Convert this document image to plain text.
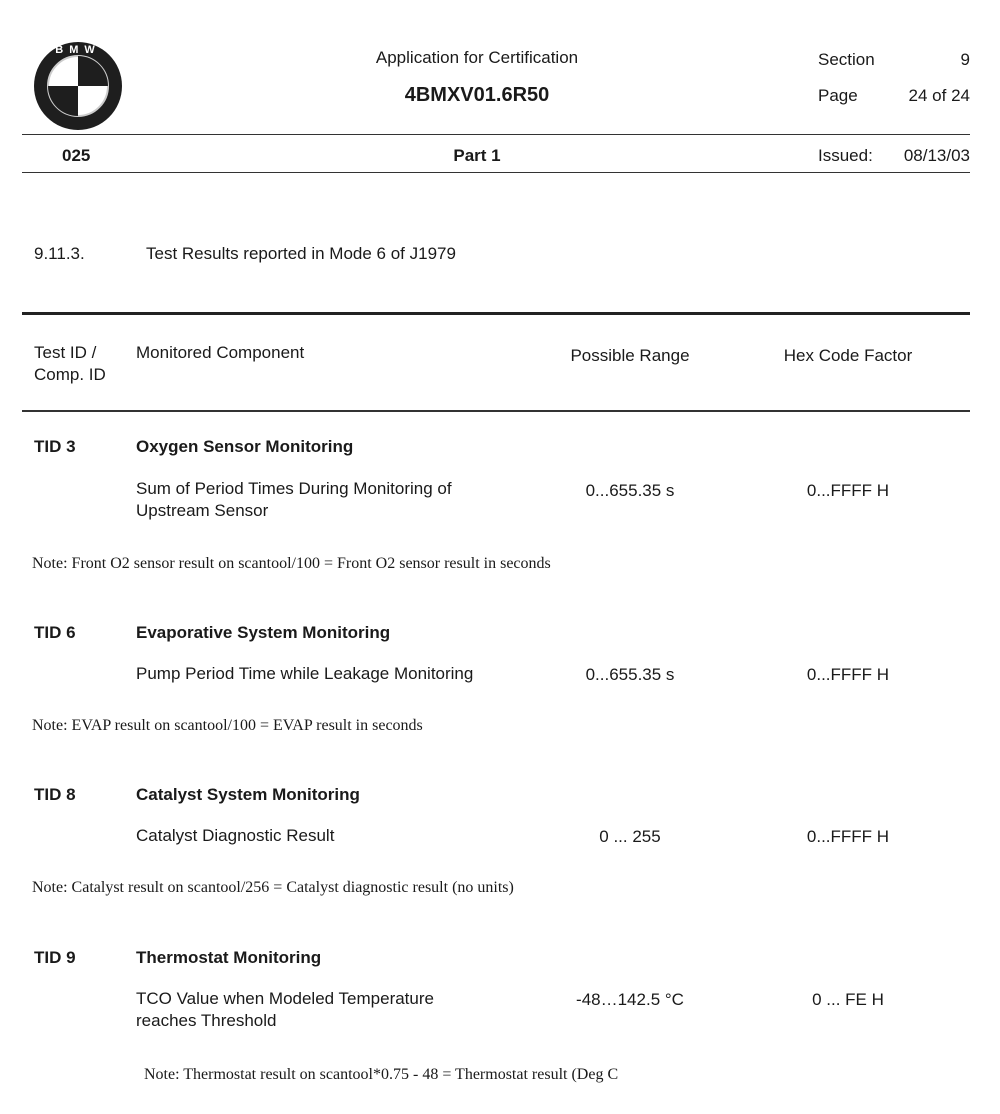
BMW	Application for Certification
4BMXV01.6R50
Section	9
Page	24 of 24
025	Part 1	Issued:	08/13/03
9.11.3.	Test Results reported in Mode 6 of J1979
Test ID /
Comp. ID
Monitored Component	Possible Range	Hex Code Factor
TID 3	Oxygen Sensor Monitoring
Sum of Period Times During Monitoring of
Upstream Sensor
0...655.35 s	0...FFFF H
Note: Front O2 sensor result on scantool/100 = Front O2 sensor result in seconds
TID 6	Evaporative System Monitoring
Pump Period Time while Leakage Monitoring	0...655.35 s	0...FFFF H
Note: EVAP result on scantool/100 = EVAP result in seconds
TID 8	Catalyst System Monitoring
Catalyst Diagnostic Result	0 ... 255	0...FFFF H
Note: Catalyst result on scantool/256 = Catalyst diagnostic result (no units)
TID 9	Thermostat Monitoring
TCO Value when Modeled Temperature
reaches Threshold
-48…142.5 °C	0 ... FE H
Note: Thermostat result on scantool*0.75 - 48 = Thermostat result (Deg C
